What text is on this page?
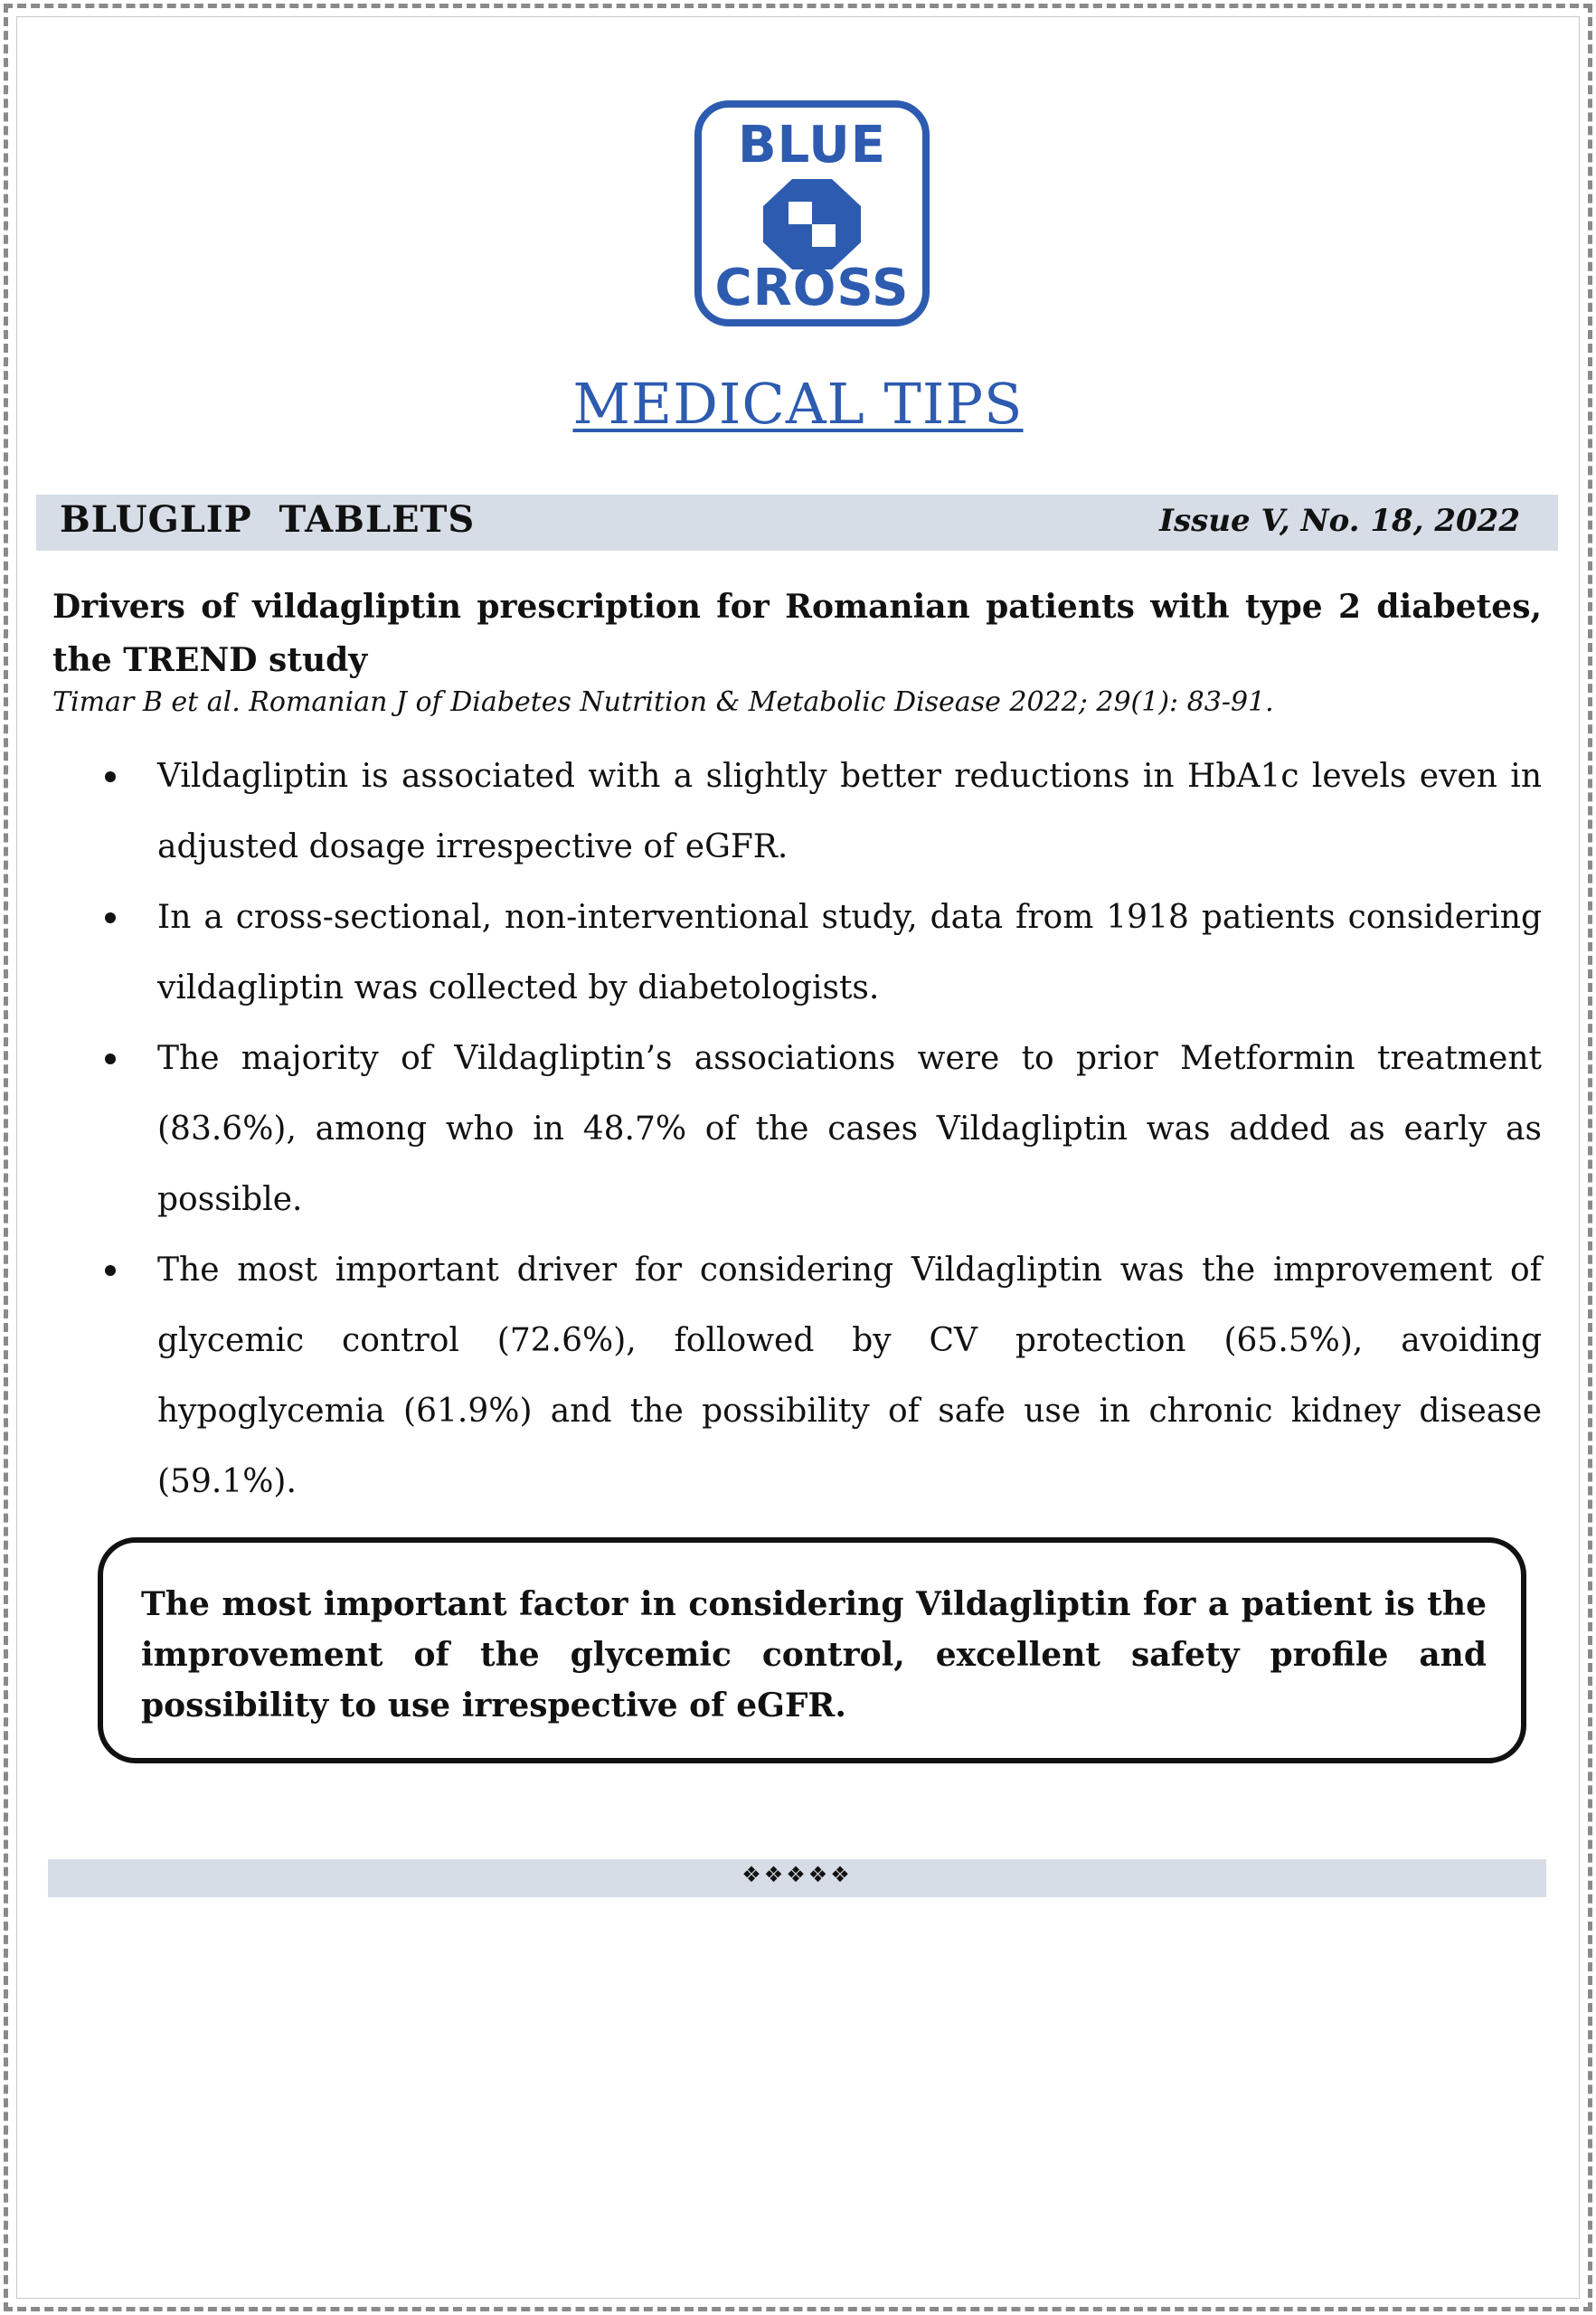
BLUE
CROSS
MEDICAL TIPS
BLUGLIP  TABLETS	Issue V, No. 18, 2022
Drivers of vildagliptin prescription for Romanian patients with type 2 diabetes, the TREND study
Timar B et al. Romanian J of Diabetes Nutrition & Metabolic Disease 2022; 29(1): 83-91.
Vildagliptin is associated with a slightly better reductions in HbA1c levels even in adjusted dosage irrespective of eGFR.
In a cross-sectional, non-interventional study, data from 1918 patients considering vildagliptin was collected by diabetologists.
The majority of Vildagliptin’s associations were to prior Metformin treatment (83.6%), among who in 48.7% of the cases Vildagliptin was added as early as possible.
The most important driver for considering Vildagliptin was the improvement of glycemic control (72.6%), followed by CV protection (65.5%), avoiding hypoglycemia (61.9%) and the possibility of safe use in chronic kidney disease (59.1%).
The most important factor in considering Vildagliptin for a patient is the improvement of the glycemic control, excellent safety profile and possibility to use irrespective of eGFR.
❖❖❖❖❖
